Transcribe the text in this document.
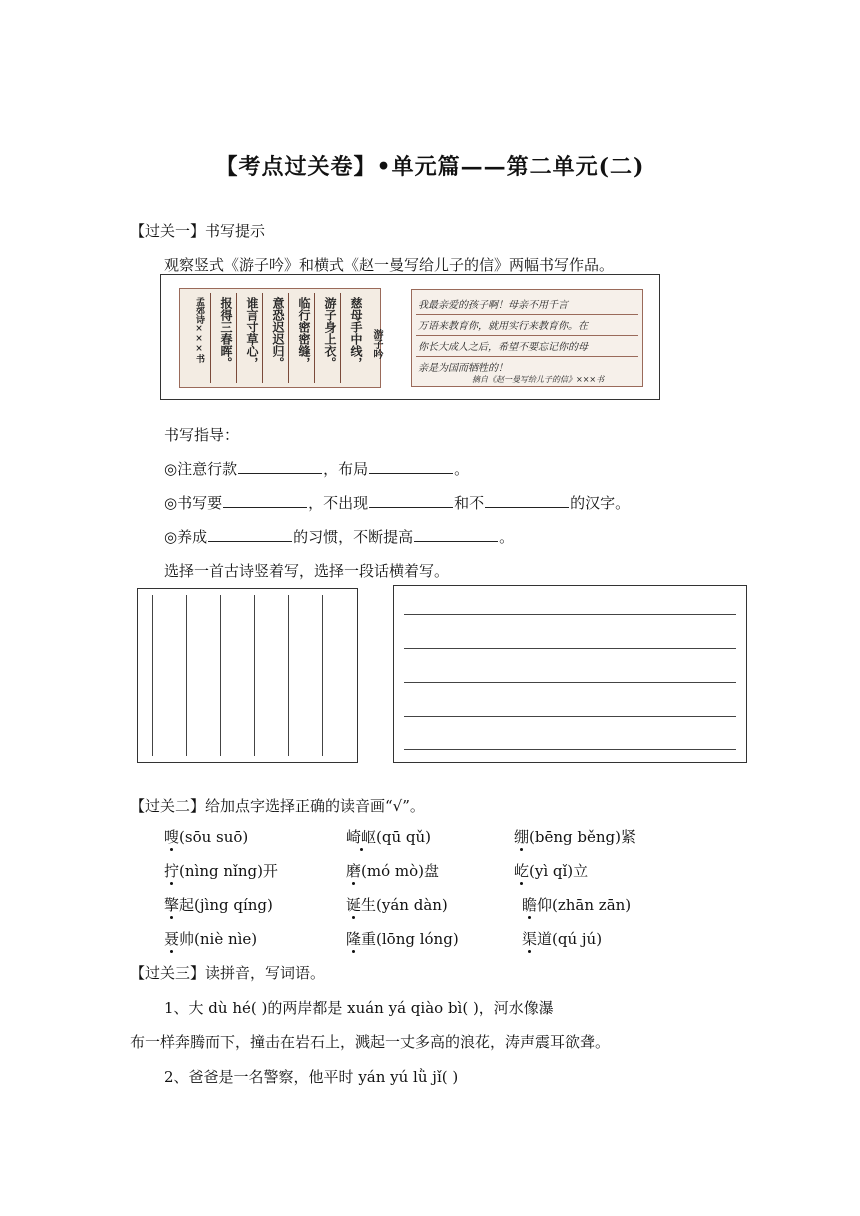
【考点过关卷】•单元篇——第二单元(二)
【过关一】书写提示
观察竖式《游子吟》和横式《赵一曼写给儿子的信》两幅书写作品。
孟郊诗×××书	报得三春晖。	谁言寸草心，	意恐迟迟归。	临行密密缝，	游子身上衣。	慈母手中线， 游子吟
我最亲爱的孩子啊！母亲不用千言
万语来教育你，就用实行来教育你。在
你长大成人之后，希望不要忘记你的母
亲是为国而牺牲的！
摘自《赵一曼写给儿子的信》×××书
书写指导：
◎注意行款	，布局	。
◎书写要	，不出现	和不	的汉字。
◎养成	的习惯，不断提高	。
选择一首古诗竖着写，选择一段话横着写。
【过关二】给加点字选择正确的读音画“√”。
嗖(sōu suō)	崎岖(qū qǔ)	绷(bēng běng)紧
拧(nìng nǐng)开	磨(mó mò)盘	屹(yì qǐ)立
擎起(jìng qíng)	诞生(yán dàn)	瞻仰(zhān zān)
聂帅(niè nìe)	隆重(lōng lóng)	渠道(qú jú)
【过关三】读拼音，写词语。
1、大 dù hé( )的两岸都是 xuán yá qiào bì( )，河水像瀑
布一样奔腾而下，撞击在岩石上，溅起一丈多高的浪花，涛声震耳欲聋。
2、爸爸是一名警察，他平时 yán yú lǜ jǐ( )
